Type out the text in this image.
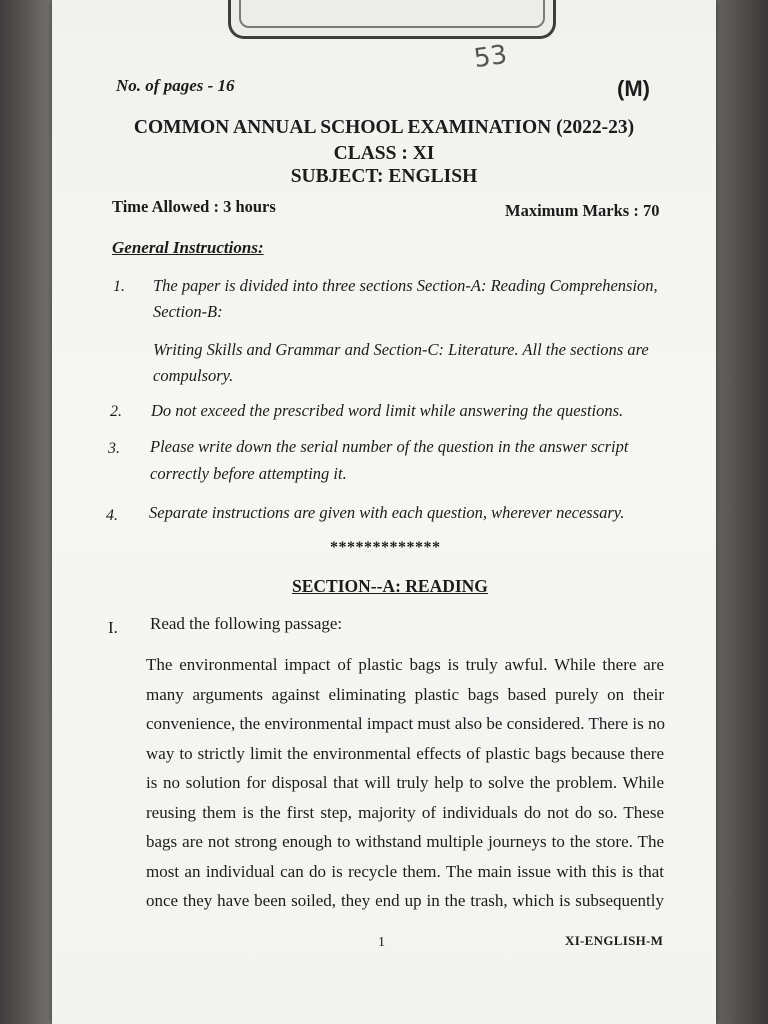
53
No. of pages - 16	(M)
COMMON ANNUAL SCHOOL EXAMINATION (2022-23)
CLASS : XI
SUBJECT: ENGLISH
Time Allowed : 3 hours	Maximum Marks : 70
General Instructions:
1. The paper is divided into three sections Section-A: Reading Comprehension,
Section-B:
Writing Skills and Grammar and Section-C: Literature. All the sections are
compulsory.
2. Do not exceed the prescribed word limit while answering the questions.
3. Please write down the serial number of the question in the answer script
correctly before attempting it.
4. Separate instructions are given with each question, wherever necessary.
*************
SECTION--A: READING
I. Read the following passage:
The environmental impact of plastic bags is truly awful. While there are
many arguments against eliminating plastic bags based purely on their
convenience, the environmental impact must also be considered. There is no
way to strictly limit the environmental effects of plastic bags because there
is no solution for disposal that will truly help to solve the problem. While
reusing them is the first step, majority of individuals do not do so. These
bags are not strong enough to withstand multiple journeys to the store. The
most an individual can do is recycle them. The main issue with this is that
once they have been soiled, they end up in the trash, which is subsequently
1	XI-ENGLISH-M
